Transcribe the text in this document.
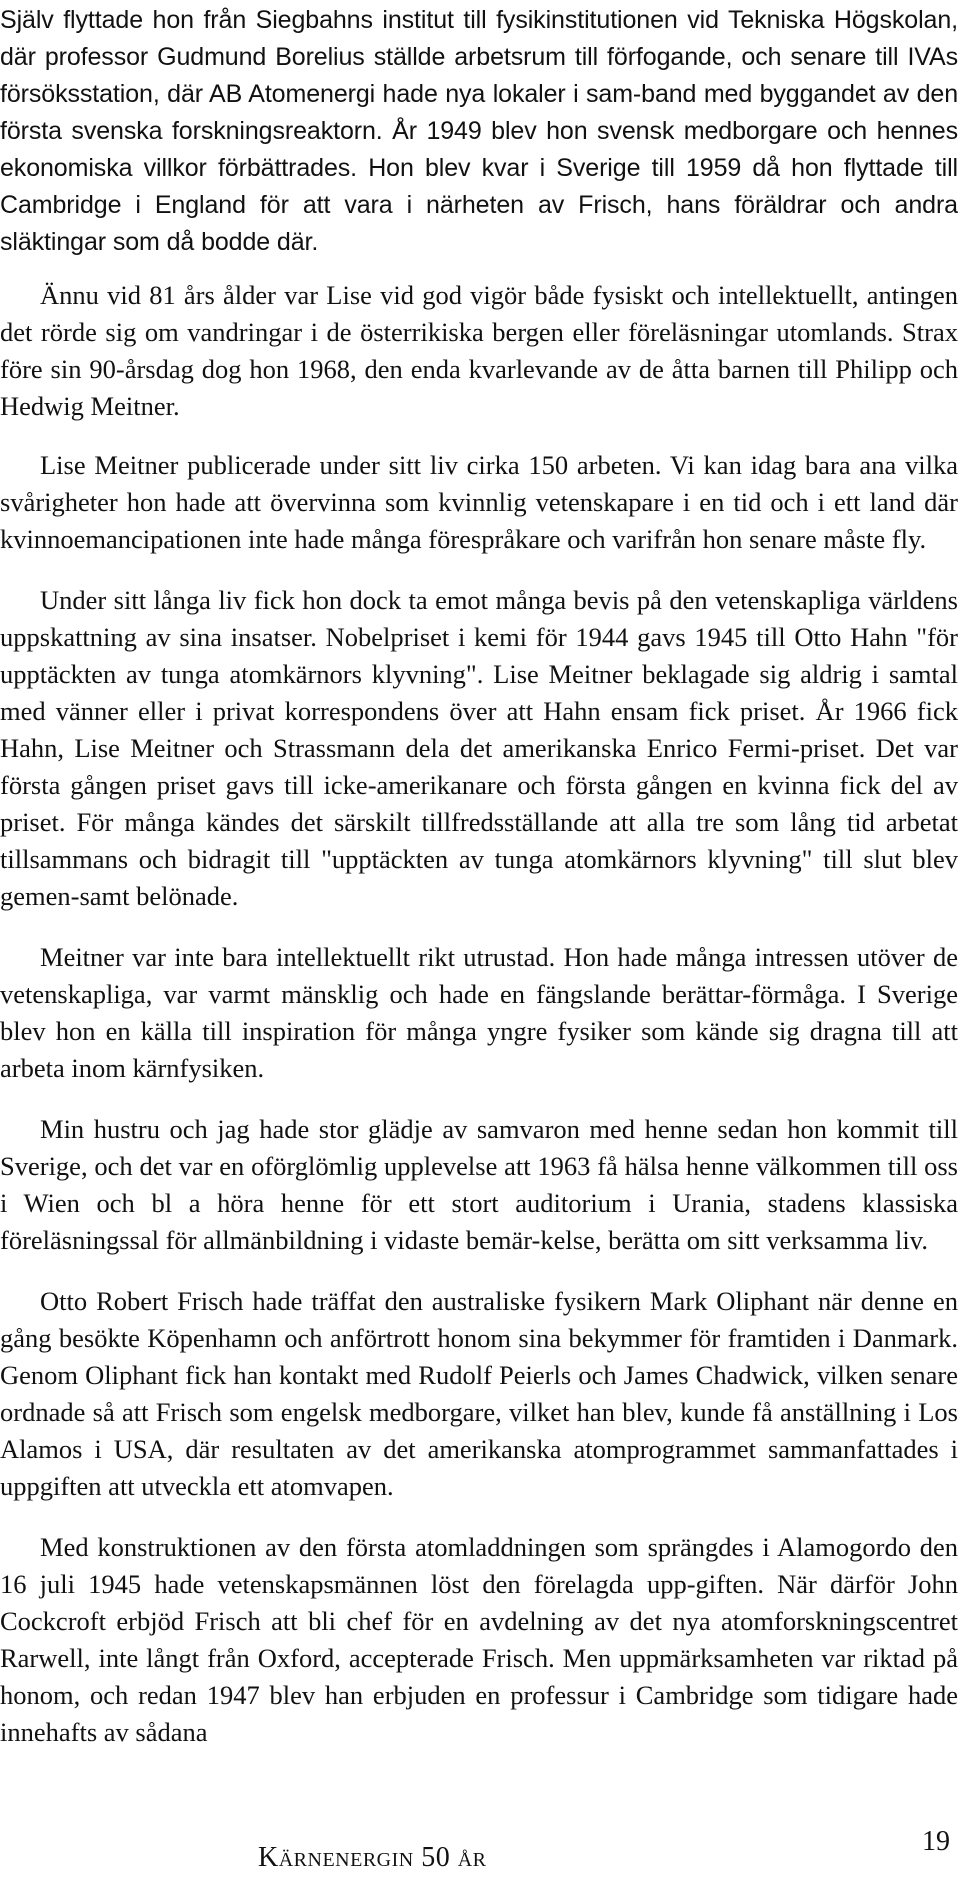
Själv flyttade hon från Siegbahns institut till fysikinstitutionen vid Tekniska Högskolan, där professor Gudmund Borelius ställde arbetsrum till förfogande, och senare till IVAs försöksstation, där AB Atomenergi hade nya lokaler i sam-band med byggandet av den första svenska forskningsreaktorn. År 1949 blev hon svensk medborgare och hennes ekonomiska villkor förbättrades. Hon blev kvar i Sverige till 1959 då hon flyttade till Cambridge i England för att vara i närheten av Frisch, hans föräldrar och andra släktingar som då bodde där.

Ännu vid 81 års ålder var Lise vid god vigör både fysiskt och intellektuellt, antingen det rörde sig om vandringar i de österrikiska bergen eller föreläsningar utomlands. Strax före sin 90-årsdag dog hon 1968, den enda kvarlevande av de åtta barnen till Philipp och Hedwig Meitner.

Lise Meitner publicerade under sitt liv cirka 150 arbeten. Vi kan idag bara ana vilka svårigheter hon hade att övervinna som kvinnlig vetenskapare i en tid och i ett land där kvinnoemancipationen inte hade många förespråkare och varifrån hon senare måste fly.

Under sitt långa liv fick hon dock ta emot många bevis på den vetenskapliga världens uppskattning av sina insatser. Nobelpriset i kemi för 1944 gavs 1945 till Otto Hahn "för upptäckten av tunga atomkärnors klyvning". Lise Meitner beklagade sig aldrig i samtal med vänner eller i privat korrespondens över att Hahn ensam fick priset. År 1966 fick Hahn, Lise Meitner och Strassmann dela det amerikanska Enrico Fermi-priset. Det var första gången priset gavs till icke-amerikanare och första gången en kvinna fick del av priset. För många kändes det särskilt tillfredsställande att alla tre som lång tid arbetat tillsammans och bidragit till "upptäckten av tunga atomkärnors klyvning" till slut blev gemen-samt belönade.

Meitner var inte bara intellektuellt rikt utrustad. Hon hade många intressen utöver de vetenskapliga, var varmt mänsklig och hade en fängslande berättar-förmåga. I Sverige blev hon en källa till inspiration för många yngre fysiker som kände sig dragna till att arbeta inom kärnfysiken.

Min hustru och jag hade stor glädje av samvaron med henne sedan hon kommit till Sverige, och det var en oförglömlig upplevelse att 1963 få hälsa henne välkommen till oss i Wien och bl a höra henne för ett stort auditorium i Urania, stadens klassiska föreläsningssal för allmänbildning i vidaste bemär-kelse, berätta om sitt verksamma liv.

Otto Robert Frisch hade träffat den australiske fysikern Mark Oliphant när denne en gång besökte Köpenhamn och anförtrott honom sina bekymmer för framtiden i Danmark. Genom Oliphant fick han kontakt med Rudolf Peierls och James Chadwick, vilken senare ordnade så att Frisch som engelsk medborgare, vilket han blev, kunde få anställning i Los Alamos i USA, där resultaten av det amerikanska atomprogrammet sammanfattades i uppgiften att utveckla ett atomvapen.

Med konstruktionen av den första atomladdningen som sprängdes i Alamogordo den 16 juli 1945 hade vetenskapsmännen löst den förelagda upp-giften. När därför John Cockcroft erbjöd Frisch att bli chef för en avdelning av det nya atomforskningscentret Rarwell, inte långt från Oxford, accepterade Frisch. Men uppmärksamheten var riktad på honom, och redan 1947 blev han erbjuden en professur i Cambridge som tidigare hade innehafts av sådana

Kärnenergin 50 år
19
